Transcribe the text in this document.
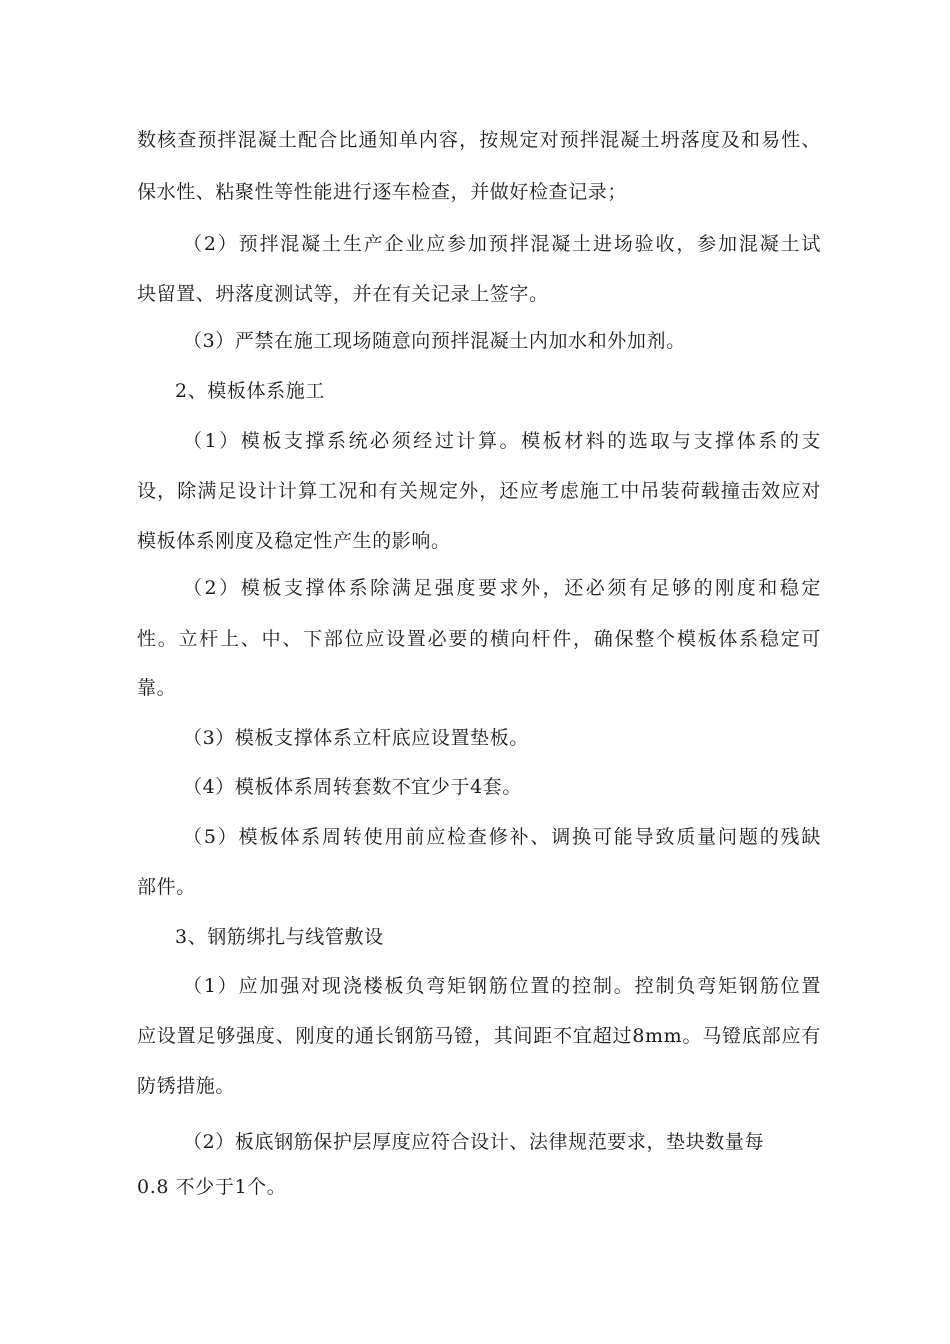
数核查预拌混凝土配合比通知单内容，按规定对预拌混凝土坍落度及和易性、
保水性、粘聚性等性能进行逐车检查，并做好检查记录；
（2）预拌混凝土生产企业应参加预拌混凝土进场验收，参加混凝土试
块留置、坍落度测试等，并在有关记录上签字。
（3）严禁在施工现场随意向预拌混凝土内加水和外加剂。
2、模板体系施工
（1）模板支撑系统必须经过计算。模板材料的选取与支撑体系的支
设，除满足设计计算工况和有关规定外，还应考虑施工中吊装荷载撞击效应对
模板体系刚度及稳定性产生的影响。
（2）模板支撑体系除满足强度要求外，还必须有足够的刚度和稳定
性。立杆上、中、下部位应设置必要的横向杆件，确保整个模板体系稳定可
靠。
（3）模板支撑体系立杆底应设置垫板。
（4）模板体系周转套数不宜少于4套。
（5）模板体系周转使用前应检查修补、调换可能导致质量问题的残缺
部件。
3、钢筋绑扎与线管敷设
（1）应加强对现浇楼板负弯矩钢筋位置的控制。控制负弯矩钢筋位置
应设置足够强度、刚度的通长钢筋马镫，其间距不宜超过8mm。马镫底部应有
防锈措施。
（2）板底钢筋保护层厚度应符合设计、法律规范要求，垫块数量每
0.8 不少于1个。
